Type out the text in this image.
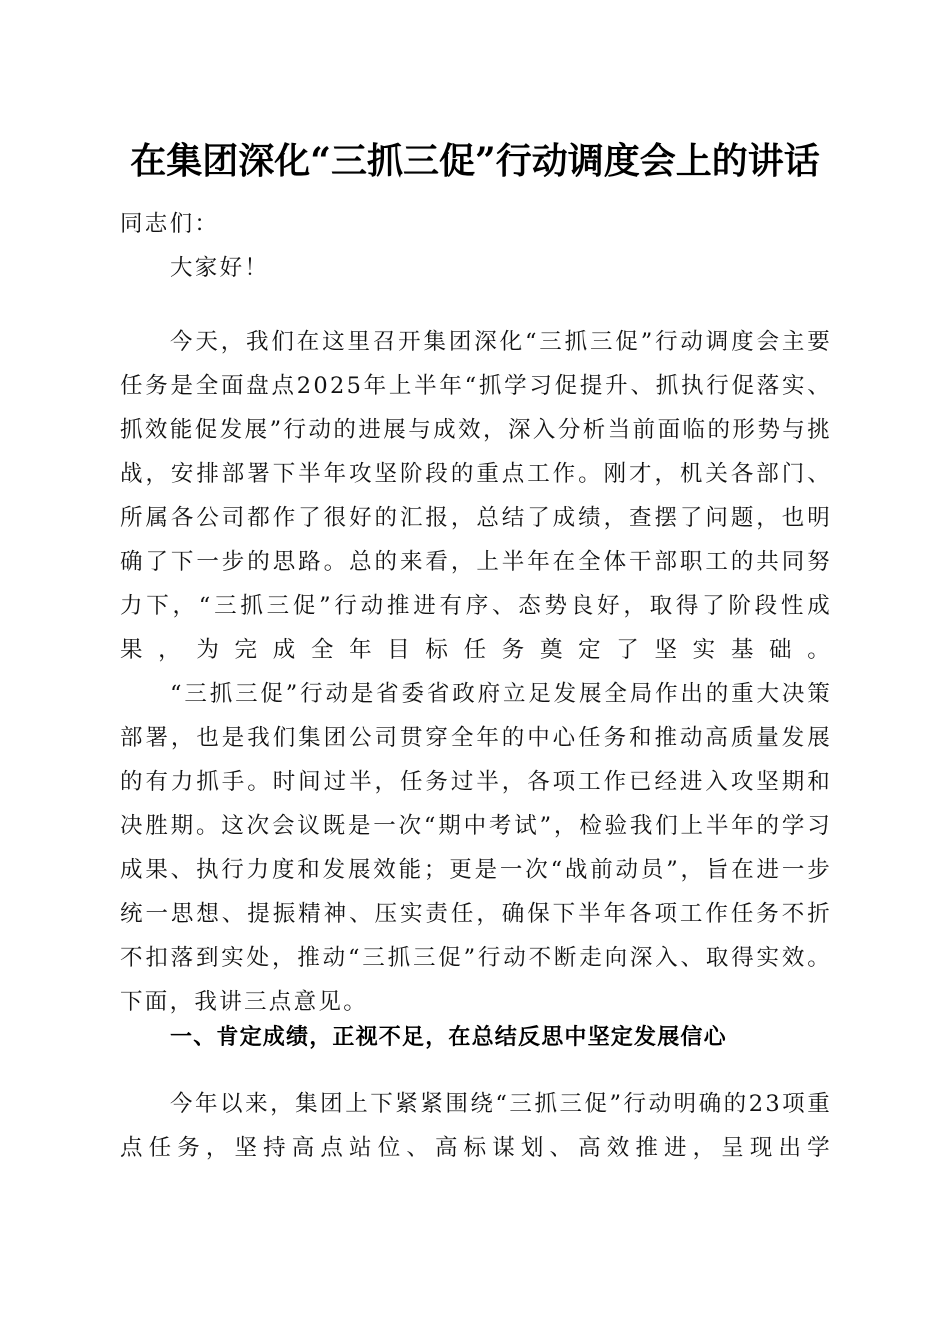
在集团深化“三抓三促”行动调度会上的讲话
同志们：

大家好！

今天，我们在这里召开集团深化“三抓三促”行动调度会主要任务是全面盘点2025年上半年“抓学习促提升、抓执行促落实、抓效能促发展”行动的进展与成效，深入分析当前面临的形势与挑战，安排部署下半年攻坚阶段的重点工作。刚才，机关各部门、所属各公司都作了很好的汇报，总结了成绩，查摆了问题，也明确了下一步的思路。总的来看，上半年在全体干部职工的共同努力下，“三抓三促”行动推进有序、态势良好，取得了阶段性成果，为完成全年目标任务奠定了坚实基础。

“三抓三促”行动是省委省政府立足发展全局作出的重大决策部署，也是我们集团公司贯穿全年的中心任务和推动高质量发展的有力抓手。时间过半，任务过半，各项工作已经进入攻坚期和决胜期。这次会议既是一次“期中考试”，检验我们上半年的学习成果、执行力度和发展效能；更是一次“战前动员”，旨在进一步统一思想、提振精神、压实责任，确保下半年各项工作任务不折不扣落到实处，推动“三抓三促”行动不断走向深入、取得实效。下面，我讲三点意见。

一、肯定成绩，正视不足，在总结反思中坚定发展信心

今年以来，集团上下紧紧围绕“三抓三促”行动明确的23项重点任务，坚持高点站位、高标谋划、高效推进，呈现出学
